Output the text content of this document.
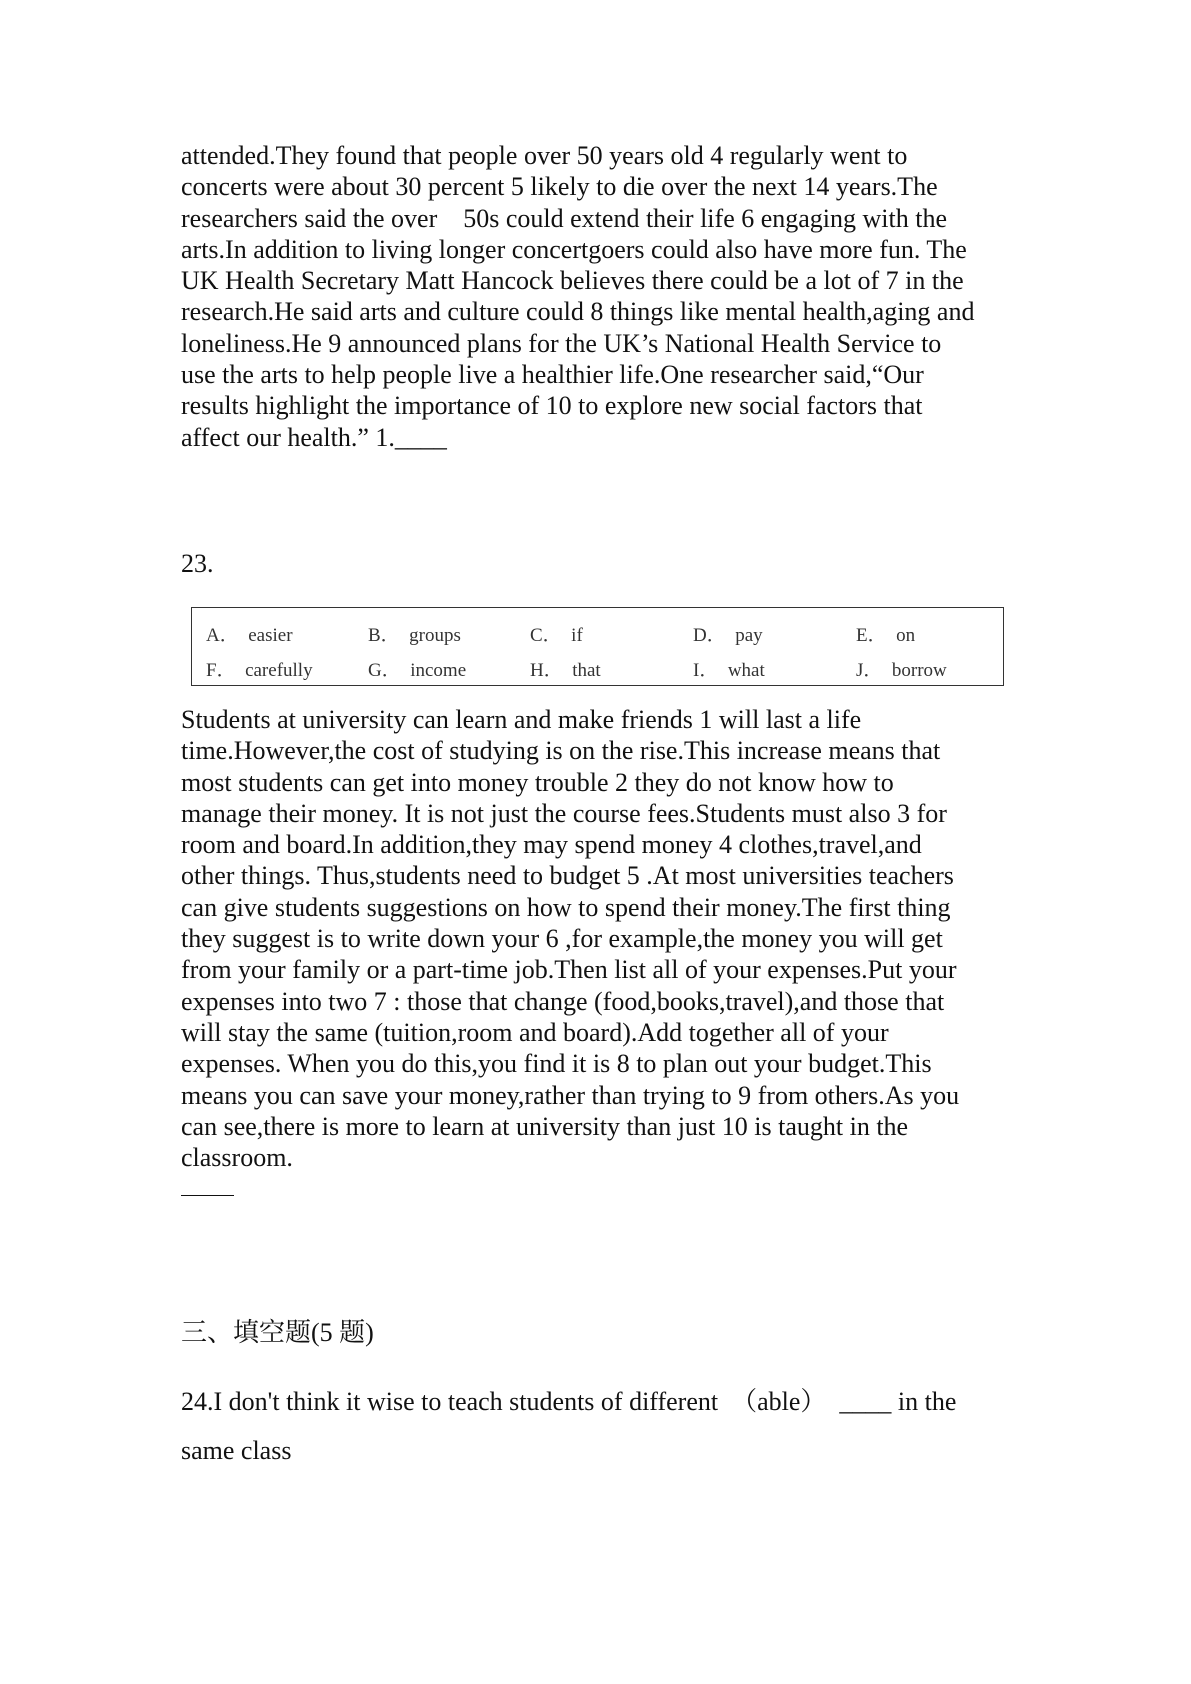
attended.They found that people over 50 years old 4 regularly went to
concerts were about 30 percent 5 likely to die over the next 14 years.The
researchers said the over    50s could extend their life 6 engaging with the
arts.In addition to living longer concertgoers could also have more fun. The
UK Health Secretary Matt Hancock believes there could be a lot of 7 in the
research.He said arts and culture could 8 things like mental health,aging and
loneliness.He 9 announced plans for the UK’s National Health Service to
use the arts to help people live a healthier life.One researcher said,“Our
results highlight the importance of 10 to explore new social factors that
affect our health.” 1.____

23.

A．  easier	B．  groups	C．  if	D．  pay	E．  on
F．  carefully	G．  income	H．  that	I．  what	J．  borrow
Students at university can learn and make friends 1 will last a life
time.However,the cost of studying is on the rise.This increase means that
most students can get into money trouble 2 they do not know how to
manage their money. It is not just the course fees.Students must also 3 for
room and board.In addition,they may spend money 4 clothes,travel,and
other things. Thus,students need to budget 5 .At most universities teachers
can give students suggestions on how to spend their money.The first thing
they suggest is to write down your 6 ,for example,the money you will get
from your family or a part-time job.Then list all of your expenses.Put your
expenses into two 7 : those that change (food,books,travel),and those that
will stay the same (tuition,room and board).Add together all of your
expenses. When you do this,you find it is 8 to plan out your budget.This
means you can save your money,rather than trying to 9 from others.As you
can see,there is more to learn at university than just 10 is taught in the
classroom.

三、填空题(5 题)

24.I don't think it wise to teach students of different  （able）  ____ in the
same class
